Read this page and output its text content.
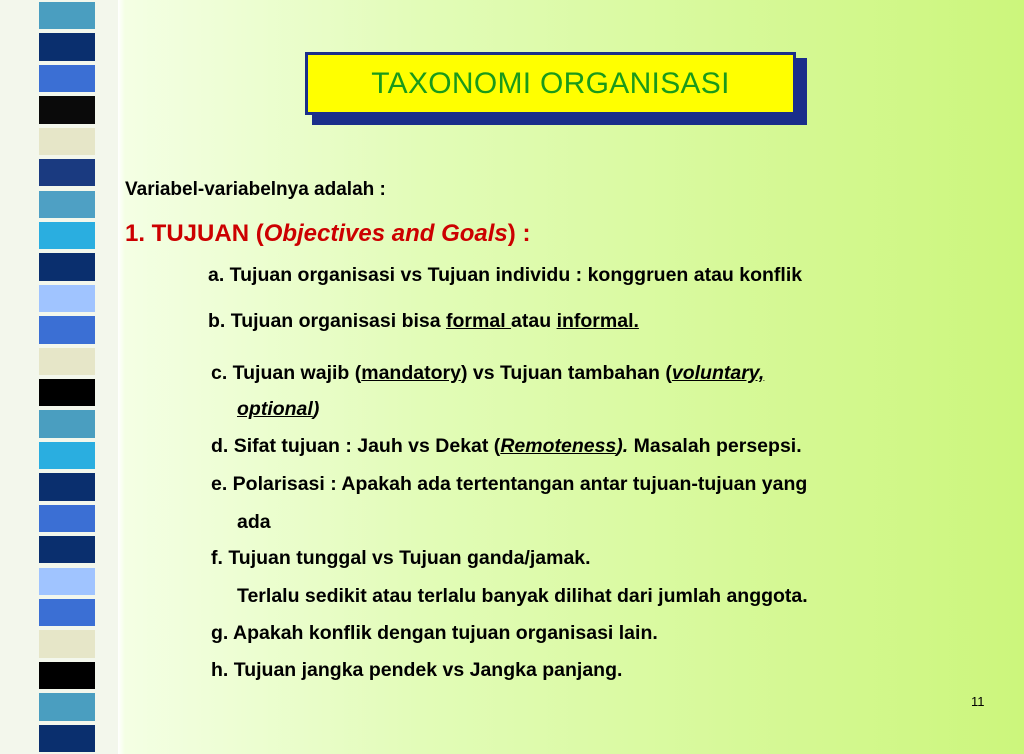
TAXONOMI ORGANISASI
Variabel-variabelnya adalah :
1. TUJUAN (Objectives and Goals) :
a. Tujuan organisasi vs Tujuan individu : konggruen atau konflik
b. Tujuan organisasi bisa formal atau informal.
c. Tujuan wajib (mandatory) vs Tujuan tambahan (voluntary,
optional)
d. Sifat tujuan : Jauh vs Dekat (Remoteness). Masalah persepsi.
e. Polarisasi : Apakah ada tertentangan antar tujuan-tujuan yang
ada
f. Tujuan tunggal vs Tujuan ganda/jamak.
Terlalu sedikit atau terlalu banyak dilihat dari jumlah anggota.
g. Apakah konflik dengan tujuan organisasi lain.
h. Tujuan jangka pendek vs Jangka panjang.
11
